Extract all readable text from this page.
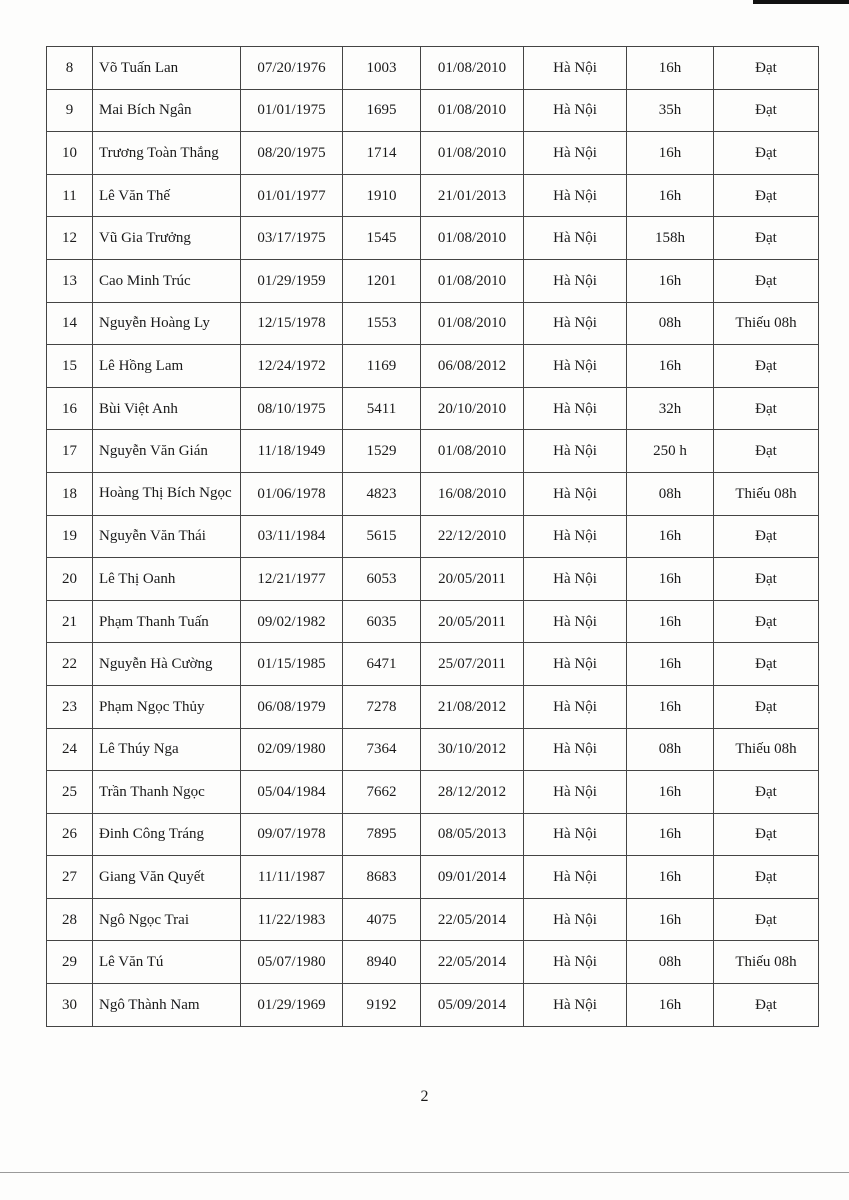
8	Võ Tuấn Lan	07/20/1976	1003	01/08/2010	Hà Nội	16h	Đạt
9	Mai Bích Ngân	01/01/1975	1695	01/08/2010	Hà Nội	35h	Đạt
10	Trương Toàn Thắng	08/20/1975	1714	01/08/2010	Hà Nội	16h	Đạt
11	Lê Văn Thế	01/01/1977	1910	21/01/2013	Hà Nội	16h	Đạt
12	Vũ Gia Trưởng	03/17/1975	1545	01/08/2010	Hà Nội	158h	Đạt
13	Cao Minh Trúc	01/29/1959	1201	01/08/2010	Hà Nội	16h	Đạt
14	Nguyễn Hoàng Ly	12/15/1978	1553	01/08/2010	Hà Nội	08h	Thiếu 08h
15	Lê Hồng Lam	12/24/1972	1169	06/08/2012	Hà Nội	16h	Đạt
16	Bùi Việt Anh	08/10/1975	5411	20/10/2010	Hà Nội	32h	Đạt
17	Nguyễn Văn Gián	11/18/1949	1529	01/08/2010	Hà Nội	250 h	Đạt
18	Hoàng Thị Bích Ngọc	01/06/1978	4823	16/08/2010	Hà Nội	08h	Thiếu 08h
19	Nguyễn Văn Thái	03/11/1984	5615	22/12/2010	Hà Nội	16h	Đạt
20	Lê Thị Oanh	12/21/1977	6053	20/05/2011	Hà Nội	16h	Đạt
21	Phạm Thanh Tuấn	09/02/1982	6035	20/05/2011	Hà Nội	16h	Đạt
22	Nguyễn Hà Cường	01/15/1985	6471	25/07/2011	Hà Nội	16h	Đạt
23	Phạm Ngọc Thủy	06/08/1979	7278	21/08/2012	Hà Nội	16h	Đạt
24	Lê Thúy Nga	02/09/1980	7364	30/10/2012	Hà Nội	08h	Thiếu 08h
25	Trần Thanh Ngọc	05/04/1984	7662	28/12/2012	Hà Nội	16h	Đạt
26	Đinh Công Tráng	09/07/1978	7895	08/05/2013	Hà Nội	16h	Đạt
27	Giang Văn Quyết	11/11/1987	8683	09/01/2014	Hà Nội	16h	Đạt
28	Ngô Ngọc Trai	11/22/1983	4075	22/05/2014	Hà Nội	16h	Đạt
29	Lê Văn Tú	05/07/1980	8940	22/05/2014	Hà Nội	08h	Thiếu 08h
30	Ngô Thành Nam	01/29/1969	9192	05/09/2014	Hà Nội	16h	Đạt
2
